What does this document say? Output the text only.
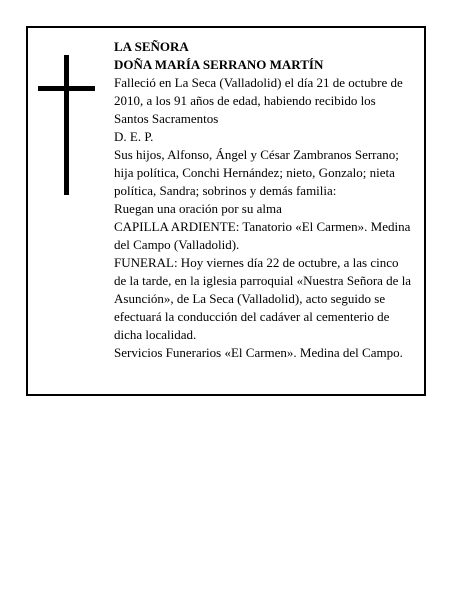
LA SEÑORA
DOÑA MARÍA SERRANO MARTÍN
Falleció en La Seca (Valladolid) el día 21 de octubre de
2010, a los 91 años de edad, habiendo recibido los
Santos Sacramentos
D. E. P.
Sus hijos, Alfonso, Ángel y César Zambranos Serrano;
hija política, Conchi Hernández; nieto, Gonzalo; nieta
política, Sandra; sobrinos y demás familia:
Ruegan una oración por su alma
CAPILLA ARDIENTE: Tanatorio «El Carmen». Medina
del Campo (Valladolid).
FUNERAL: Hoy viernes día 22 de octubre, a las cinco
de la tarde, en la iglesia parroquial «Nuestra Señora de la
Asunción», de La Seca (Valladolid), acto seguido se
efectuará la conducción del cadáver al cementerio de
dicha localidad.
Servicios Funerarios «El Carmen». Medina del Campo.
